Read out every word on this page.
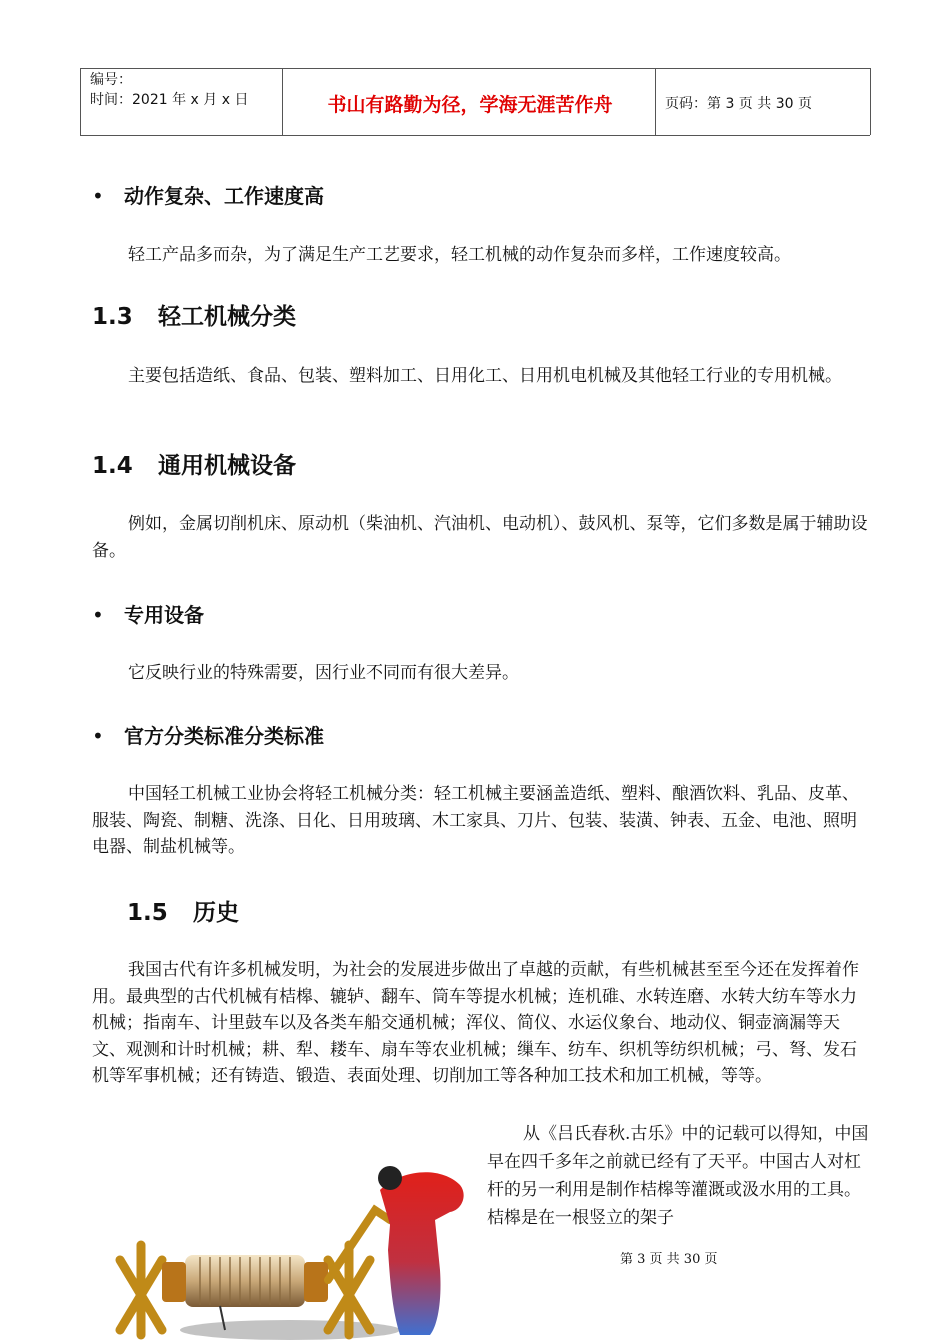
编号：
时间：2021 年 x 月 x 日	书山有路勤为径，学海无涯苦作舟	页码：第 3 页 共 30 页
• 动作复杂、工作速度高

轻工产品多而杂，为了满足生产工艺要求，轻工机械的动作复杂而多样，工作速度较高。

1.3 轻工机械分类

主要包括造纸、食品、包装、塑料加工、日用化工、日用机电机械及其他轻工行业的专用机械。

1.4 通用机械设备

例如，金属切削机床、原动机（柴油机、汽油机、电动机）、鼓风机、泵等，它们多数是属于辅助设备。

• 专用设备

它反映行业的特殊需要，因行业不同而有很大差异。

• 官方分类标准分类标准

中国轻工机械工业协会将轻工机械分类：轻工机械主要涵盖造纸、塑料、酿酒饮料、乳品、皮革、服装、陶瓷、制糖、洗涤、日化、日用玻璃、木工家具、刀片、包装、装潢、钟表、五金、电池、照明电器、制盐机械等。

1.5 历史

我国古代有许多机械发明，为社会的发展进步做出了卓越的贡献，有些机械甚至至今还在发挥着作用。最典型的古代机械有桔槔、辘轳、翻车、筒车等提水机械；连机碓、水转连磨、水转大纺车等水力机械；指南车、计里鼓车以及各类车船交通机械；浑仪、简仪、水运仪象台、地动仪、铜壶滴漏等天文、观测和计时机械；耕、犁、耧车、扇车等农业机械；缫车、纺车、织机等纺织机械；弓、弩、发石机等军事机械；还有铸造、锻造、表面处理、切削加工等各种加工技术和加工机械，等等。

从《吕氏春秋.古乐》中的记载可以得知，中国早在四千多年之前就已经有了天平。中国古人对杠杆的另一利用是制作桔槔等灌溉或汲水用的工具。桔槔是在一根竖立的架子

第 3 页 共 30 页
